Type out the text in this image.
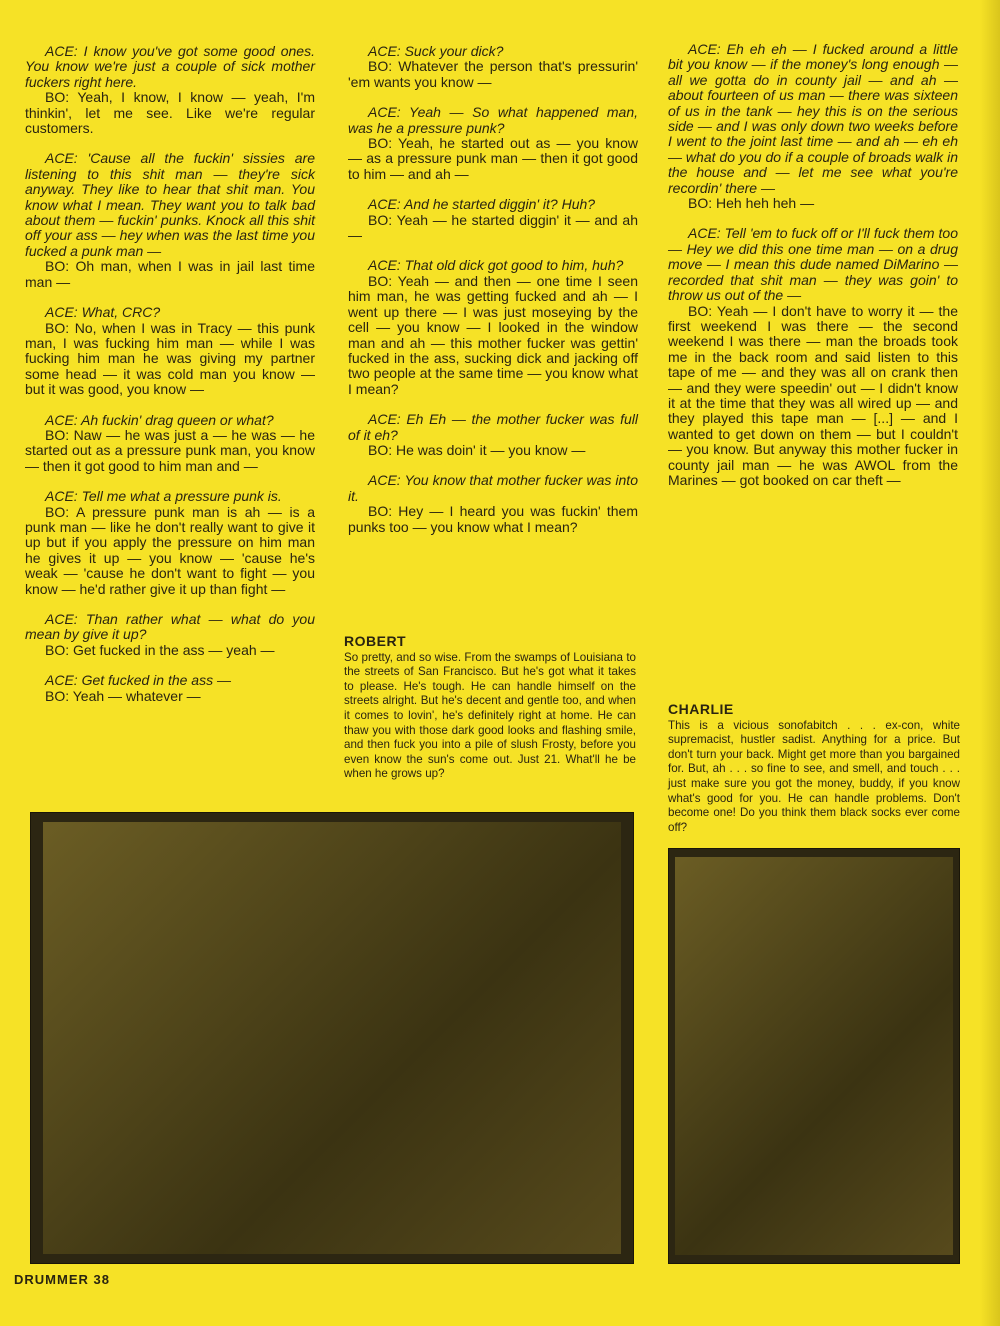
ACE: I know you've got some good ones. You know we're just a couple of sick mother fuckers right here.
BO: Yeah, I know, I know — yeah, I'm thinkin', let me see. Like we're regular customers.
ACE: 'Cause all the fuckin' sissies are listening to this shit man — they're sick anyway. They like to hear that shit man. You know what I mean. They want you to talk bad about them — fuckin' punks. Knock all this shit off your ass — hey when was the last time you fucked a punk man —
BO: Oh man, when I was in jail last time man —
ACE: What, CRC?
BO: No, when I was in Tracy — this punk man, I was fucking him man — while I was fucking him man he was giving my partner some head — it was cold man you know — but it was good, you know —
ACE: Ah fuckin' drag queen or what?
BO: Naw — he was just a — he was — he started out as a pressure punk man, you know — then it got good to him man and —
ACE: Tell me what a pressure punk is.
BO: A pressure punk man is ah — is a punk man — like he don't really want to give it up but if you apply the pressure on him man he gives it up — you know — 'cause he's weak — 'cause he don't want to fight — you know — he'd rather give it up than fight —
ACE: Than rather what — what do you mean by give it up?
BO: Get fucked in the ass — yeah —
ACE: Get fucked in the ass —
BO: Yeah — whatever —
ACE: Suck your dick?
BO: Whatever the person that's pressurin' 'em wants you know —
ACE: Yeah — So what happened man, was he a pressure punk?
BO: Yeah, he started out as — you know — as a pressure punk man — then it got good to him — and ah —
ACE: And he started diggin' it? Huh?
BO: Yeah — he started diggin' it — and ah —
ACE: That old dick got good to him, huh?
BO: Yeah — and then — one time I seen him man, he was getting fucked and ah — I went up there — I was just moseying by the cell — you know — I looked in the window man and ah — this mother fucker was gettin' fucked in the ass, sucking dick and jacking off two people at the same time — you know what I mean?
ACE: Eh Eh — the mother fucker was full of it eh?
BO: He was doin' it — you know —
ACE: You know that mother fucker was into it.
BO: Hey — I heard you was fuckin' them punks too — you know what I mean?
ACE: Eh eh eh — I fucked around a little bit you know — if the money's long enough — all we gotta do in county jail — and ah — about fourteen of us man — there was sixteen of us in the tank — hey this is on the serious side — and I was only down two weeks before I went to the joint last time — and ah — eh eh — what do you do if a couple of broads walk in the house and — let me see what you're recordin' there —
BO: Heh heh heh —
ACE: Tell 'em to fuck off or I'll fuck them too — Hey we did this one time man — on a drug move — I mean this dude named DiMarino — recorded that shit man — they was goin' to throw us out of the —
BO: Yeah — I don't have to worry it — the first weekend I was there — the second weekend I was there — man the broads took me in the back room and said listen to this tape of me — and they was all on crank then — and they were speedin' out — I didn't know it at the time that they was all wired up — and they played this tape man — [...] — and I wanted to get down on them — but I couldn't — you know. But anyway this mother fucker in county jail man — he was AWOL from the Marines — got booked on car theft —
ROBERT
So pretty, and so wise. From the swamps of Louisiana to the streets of San Francisco. But he's got what it takes to please. He's tough. He can handle himself on the streets alright. But he's decent and gentle too, and when it comes to lovin', he's definitely right at home. He can thaw you with those dark good looks and flashing smile, and then fuck you into a pile of slush Frosty, before you even know the sun's come out. Just 21. What'll he be when he grows up?
CHARLIE
This is a vicious sonofabitch . . . ex-con, white supremacist, hustler sadist. Anything for a price. But don't turn your back. Might get more than you bargained for. But, ah . . . so fine to see, and smell, and touch . . . just make sure you got the money, buddy, if you know what's good for you. He can handle problems. Don't become one! Do you think them black socks ever come off?
DRUMMER 38
